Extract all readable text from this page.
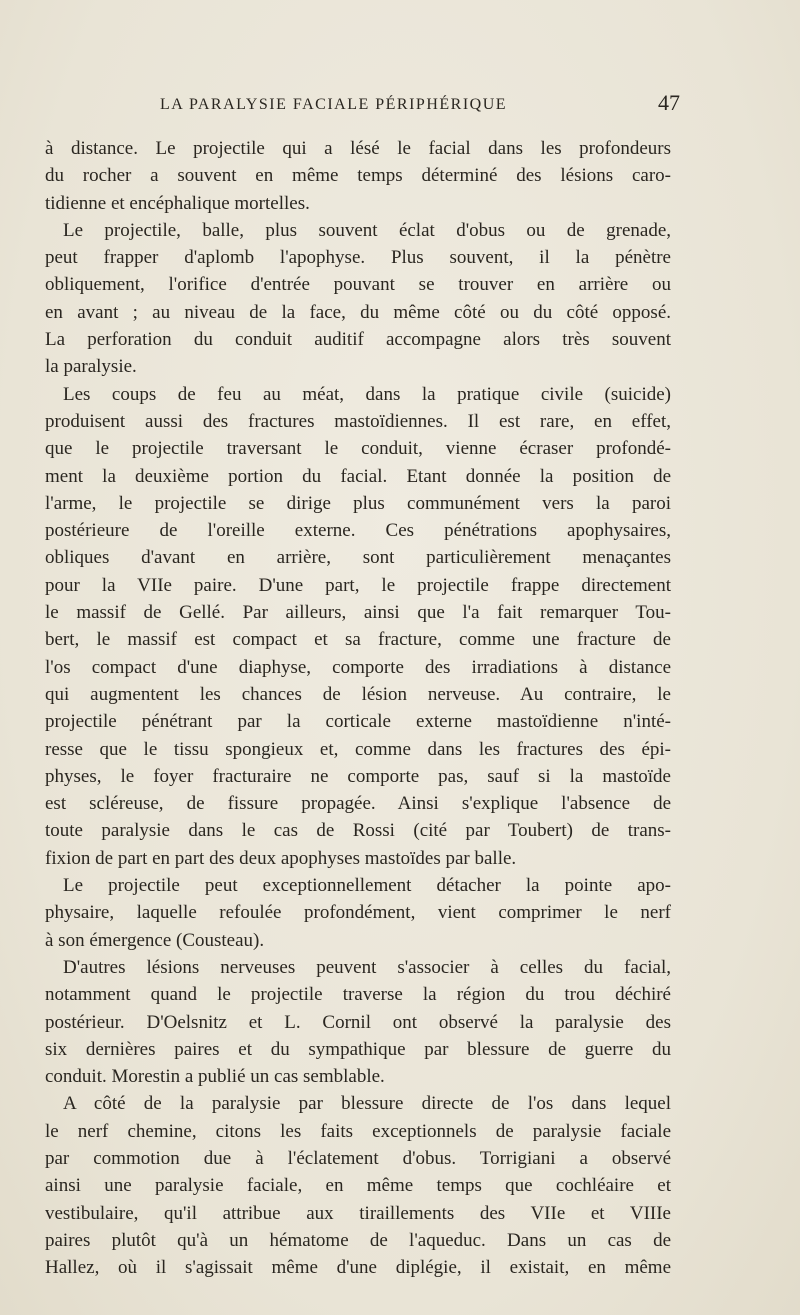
LA PARALYSIE FACIALE PÉRIPHÉRIQUE	47
à distance. Le projectile qui a lésé le facial dans les profondeurs
du rocher a souvent en même temps déterminé des lésions caro-
tidienne et encéphalique mortelles.
Le projectile, balle, plus souvent éclat d'obus ou de grenade,
peut frapper d'aplomb l'apophyse. Plus souvent, il la pénètre
obliquement, l'orifice d'entrée pouvant se trouver en arrière ou
en avant ; au niveau de la face, du même côté ou du côté opposé.
La perforation du conduit auditif accompagne alors très souvent
la paralysie.
Les coups de feu au méat, dans la pratique civile (suicide)
produisent aussi des fractures mastoïdiennes. Il est rare, en effet,
que le projectile traversant le conduit, vienne écraser profondé-
ment la deuxième portion du facial. Etant donnée la position de
l'arme, le projectile se dirige plus communément vers la paroi
postérieure de l'oreille externe. Ces pénétrations apophysaires,
obliques d'avant en arrière, sont particulièrement menaçantes
pour la VIIe paire. D'une part, le projectile frappe directement
le massif de Gellé. Par ailleurs, ainsi que l'a fait remarquer Tou-
bert, le massif est compact et sa fracture, comme une fracture de
l'os compact d'une diaphyse, comporte des irradiations à distance
qui augmentent les chances de lésion nerveuse. Au contraire, le
projectile pénétrant par la corticale externe mastoïdienne n'inté-
resse que le tissu spongieux et, comme dans les fractures des épi-
physes, le foyer fracturaire ne comporte pas, sauf si la mastoïde
est scléreuse, de fissure propagée. Ainsi s'explique l'absence de
toute paralysie dans le cas de Rossi (cité par Toubert) de trans-
fixion de part en part des deux apophyses mastoïdes par balle.
Le projectile peut exceptionnellement détacher la pointe apo-
physaire, laquelle refoulée profondément, vient comprimer le nerf
à son émergence (Cousteau).
D'autres lésions nerveuses peuvent s'associer à celles du facial,
notamment quand le projectile traverse la région du trou déchiré
postérieur. D'Oelsnitz et L. Cornil ont observé la paralysie des
six dernières paires et du sympathique par blessure de guerre du
conduit. Morestin a publié un cas semblable.
A côté de la paralysie par blessure directe de l'os dans lequel
le nerf chemine, citons les faits exceptionnels de paralysie faciale
par commotion due à l'éclatement d'obus. Torrigiani a observé
ainsi une paralysie faciale, en même temps que cochléaire et
vestibulaire, qu'il attribue aux tiraillements des VIIe et VIIIe
paires plutôt qu'à un hématome de l'aqueduc. Dans un cas de
Hallez, où il s'agissait même d'une diplégie, il existait, en même
